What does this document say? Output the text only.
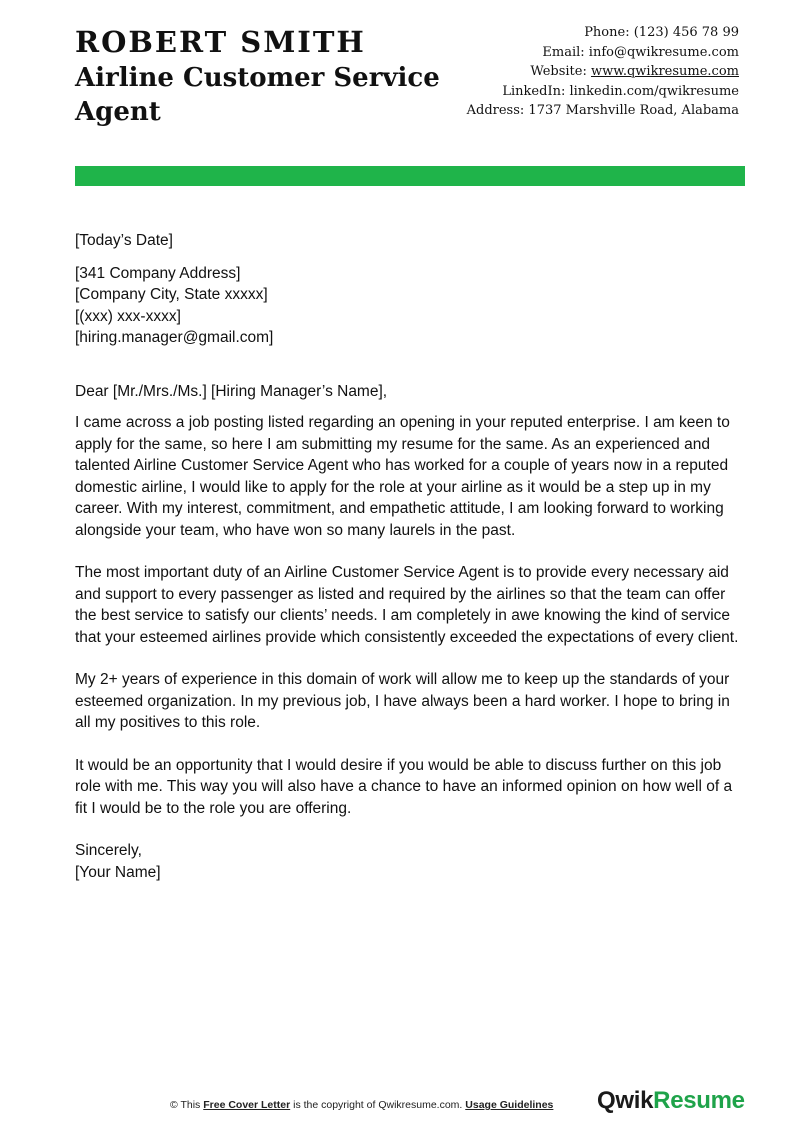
ROBERT SMITH
Airline Customer Service Agent
Phone: (123) 456 78 99
Email: info@qwikresume.com
Website: www.qwikresume.com
LinkedIn: linkedin.com/qwikresume
Address: 1737 Marshville Road, Alabama

[Today’s Date]

[341 Company Address]

[Company City, State xxxxx]

[(xxx) xxx-xxxx]

[hiring.manager@gmail.com]

Dear [Mr./Mrs./Ms.] [Hiring Manager’s Name],

I came across a job posting listed regarding an opening in your reputed enterprise. I am keen to apply for the same, so here I am submitting my resume for the same. As an experienced and talented Airline Customer Service Agent who has worked for a couple of years now in a reputed domestic airline, I would like to apply for the role at your airline as it would be a step up in my career. With my interest, commitment, and empathetic attitude, I am looking forward to working alongside your team, who have won so many laurels in the past.

The most important duty of an Airline Customer Service Agent is to provide every necessary aid and support to every passenger as listed and required by the airlines so that the team can offer the best service to satisfy our clients’ needs. I am completely in awe knowing the kind of service that your esteemed airlines provide which consistently exceeded the expectations of every client.

My 2+ years of experience in this domain of work will allow me to keep up the standards of your esteemed organization. In my previous job, I have always been a hard worker. I hope to bring in all my positives to this role.

It would be an opportunity that I would desire if you would be able to discuss further on this job role with me. This way you will also have a chance to have an informed opinion on how well of a fit I would be to the role you are offering.

Sincerely,

[Your Name]

© This Free Cover Letter is the copyright of Qwikresume.com. Usage Guidelines QwikResume
